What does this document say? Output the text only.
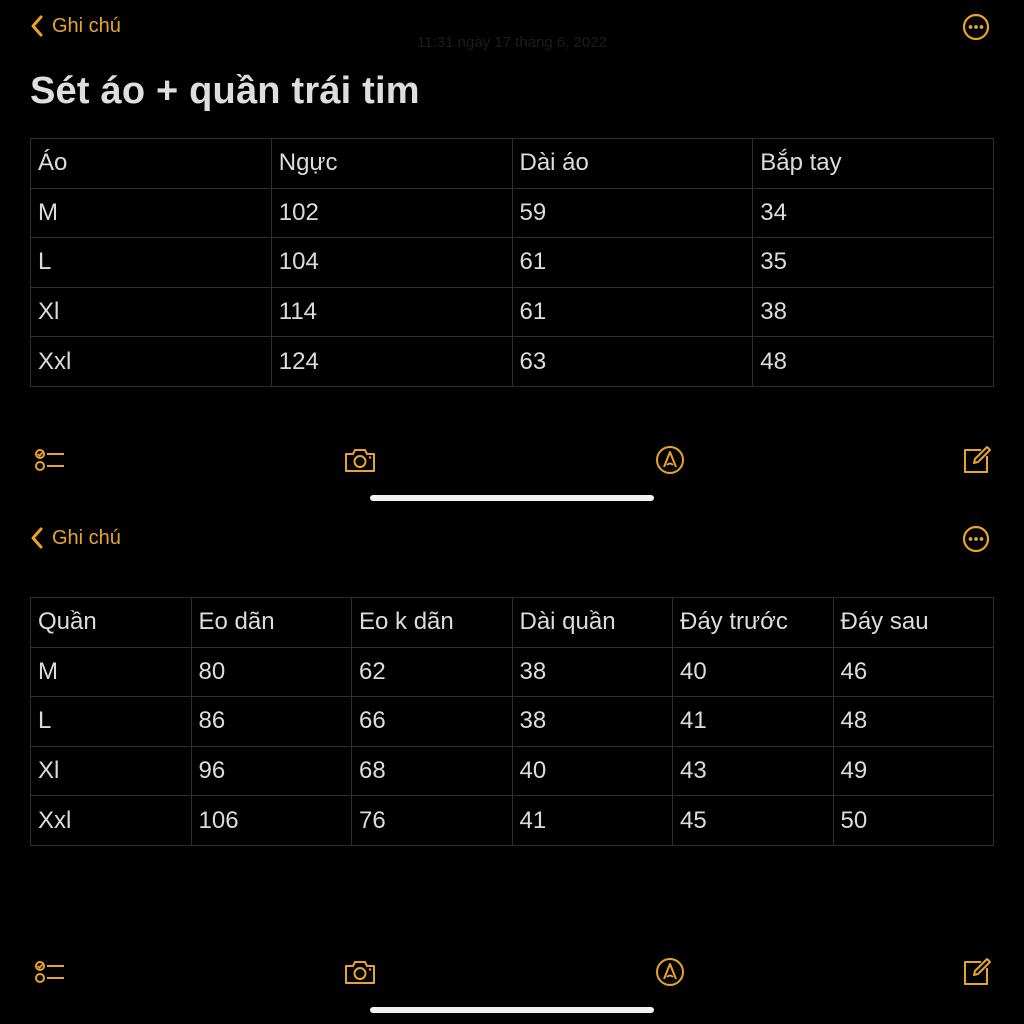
Ghi chú
11:31 ngày 17 tháng 6, 2022
Sét áo + quần trái tim
Áo	Ngực	Dài áo	Bắp tay
M	102	59	34
L	104	61	35
Xl	114	61	38
Xxl	124	63	48
Ghi chú
Quần	Eo dãn	Eo k dãn	Dài quần	Đáy trước	Đáy sau
M	80	62	38	40	46
L	86	66	38	41	48
Xl	96	68	40	43	49
Xxl	106	76	41	45	50
